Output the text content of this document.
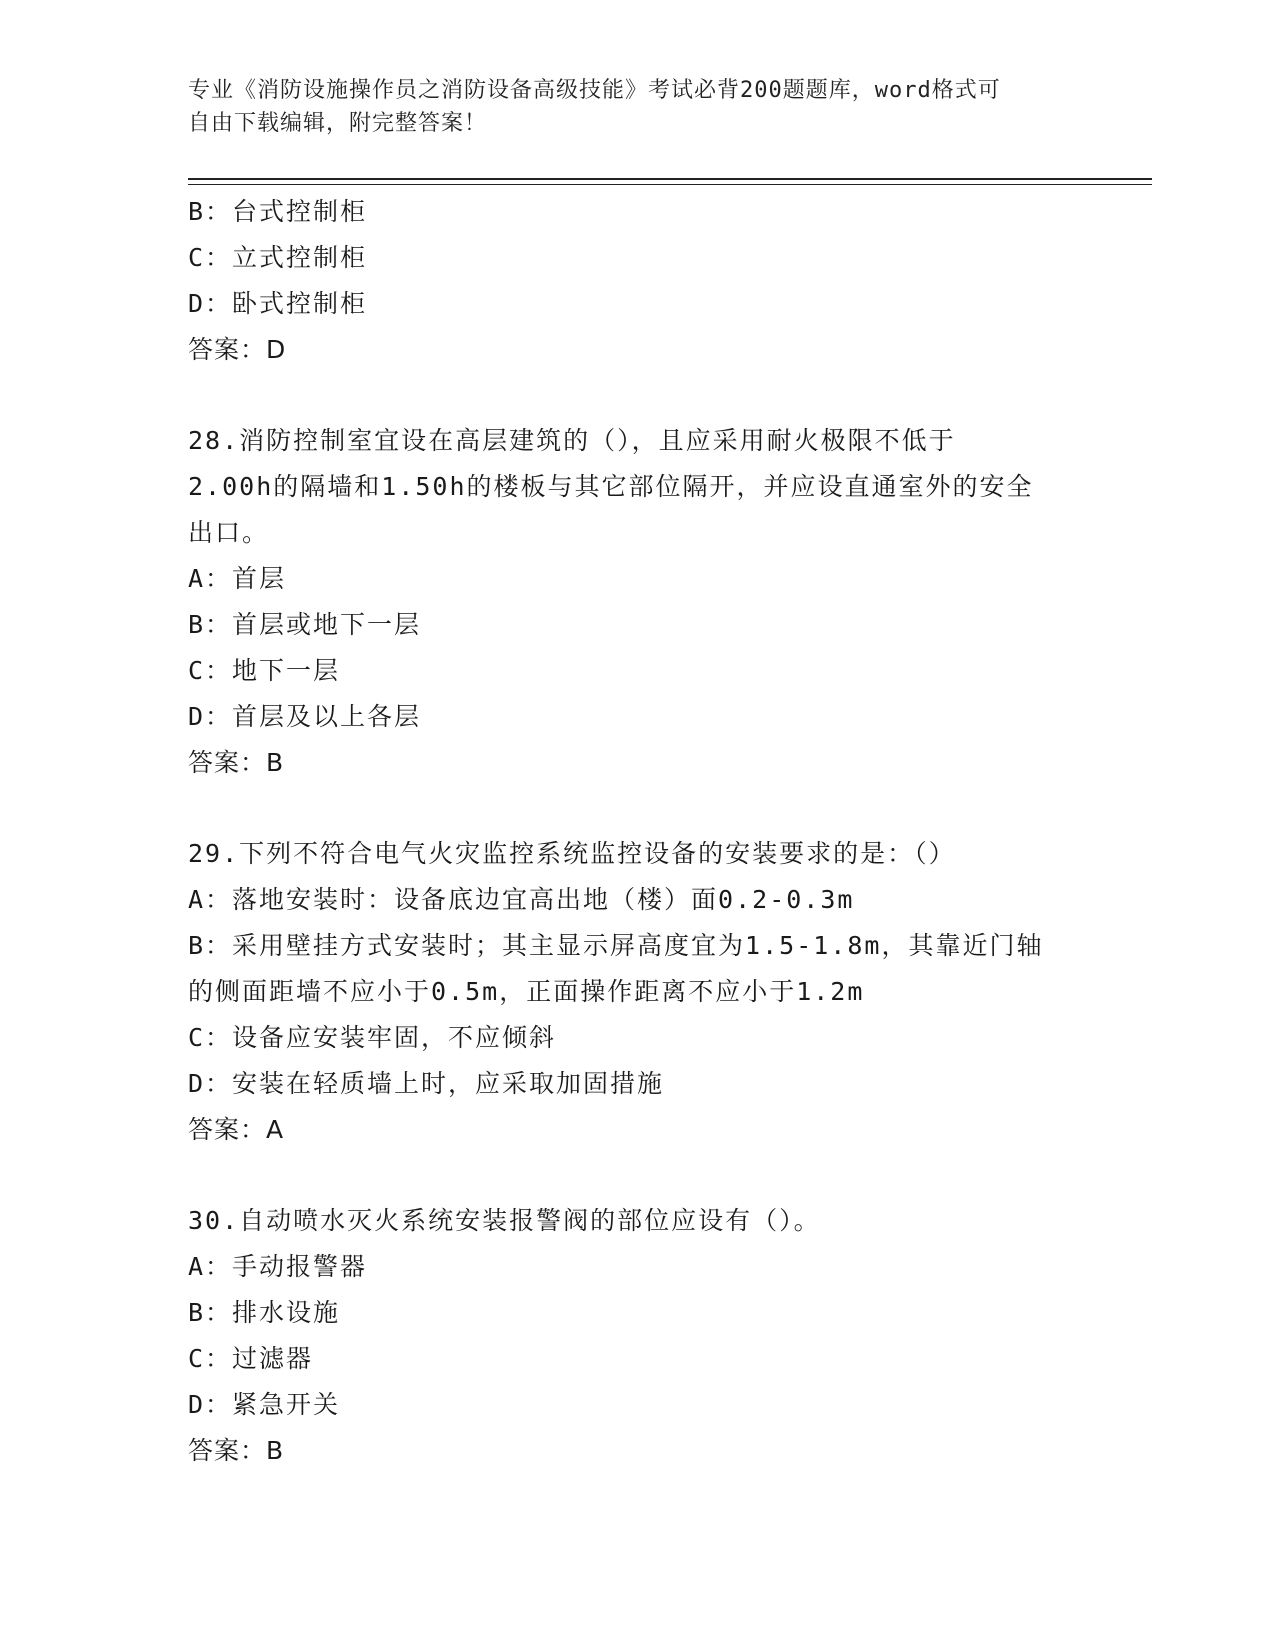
专业《消防设施操作员之消防设备高级技能》考试必背200题题库，word格式可
自由下载编辑，附完整答案！
B：台式控制柜
C：立式控制柜
D：卧式控制柜
答案：D
28.消防控制室宜设在高层建筑的（），且应采用耐火极限不低于
2.00h的隔墙和1.50h的楼板与其它部位隔开，并应设直通室外的安全
出口。
A：首层
B：首层或地下一层
C：地下一层
D：首层及以上各层
答案：B
29.下列不符合电气火灾监控系统监控设备的安装要求的是：（）
A：落地安装时：设备底边宜高出地（楼）面0.2-0.3m
B：采用壁挂方式安装时；其主显示屏高度宜为1.5-1.8m，其靠近门轴
的侧面距墙不应小于0.5m，正面操作距离不应小于1.2m
C：设备应安装牢固，不应倾斜
D：安装在轻质墙上时，应采取加固措施
答案：A
30.自动喷水灭火系统安装报警阀的部位应设有（）。
A：手动报警器
B：排水设施
C：过滤器
D：紧急开关
答案：B
